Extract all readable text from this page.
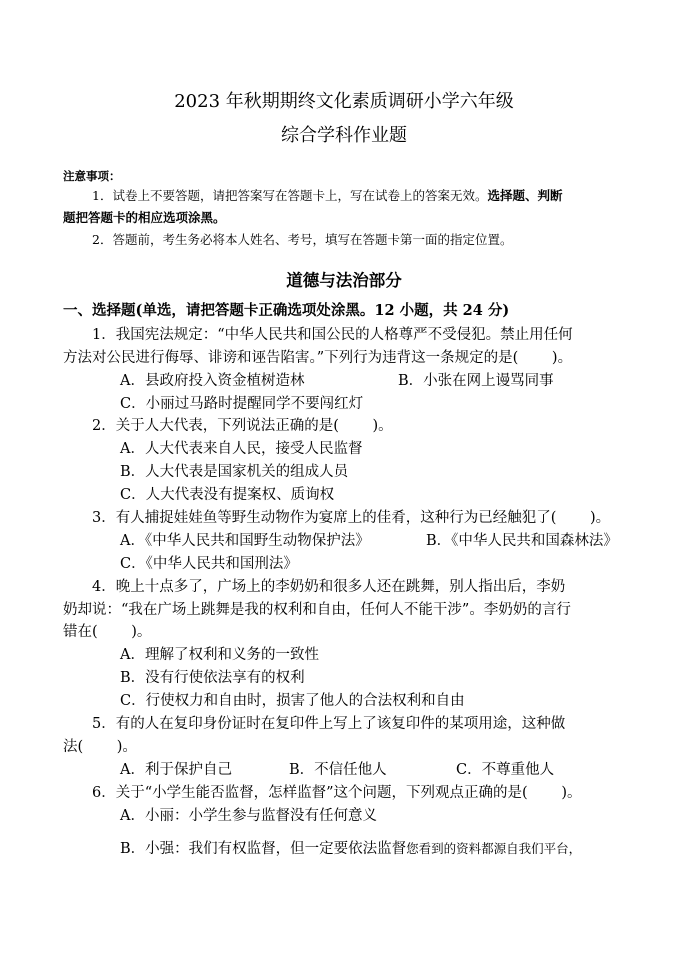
2023 年秋期期终文化素质调研小学六年级
综合学科作业题
注意事项：
1．试卷上不要答题，请把答案写在答题卡上，写在试卷上的答案无效。选择题、判断
题把答题卡的相应选项涂黑。
2．答题前，考生务必将本人姓名、考号，填写在答题卡第一面的指定位置。
道德与法治部分
一、选择题(单选，请把答题卡正确选项处涂黑。12 小题，共 24 分)
1．我国宪法规定：“中华人民共和国公民的人格尊严不受侵犯。禁止用任何
方法对公民进行侮辱、诽谤和诬告陷害。”下列行为违背这一条规定的是(　　 )。
A．县政府投入资金植树造林	B．小张在网上谩骂同事
C．小丽过马路时提醒同学不要闯红灯
2．关于人大代表，下列说法正确的是(　　 )。
A．人大代表来自人民，接受人民监督
B．人大代表是国家机关的组成人员
C．人大代表没有提案权、质询权
3．有人捕捉娃娃鱼等野生动物作为宴席上的佳肴，这种行为已经触犯了(　　 )。
A．《中华人民共和国野生动物保护法》	B．《中华人民共和国森林法》
C．《中华人民共和国刑法》
4．晚上十点多了，广场上的李奶奶和很多人还在跳舞，别人指出后，李奶
奶却说：“我在广场上跳舞是我的权利和自由，任何人不能干涉”。李奶奶的言行
错在(　　 )。
A．理解了权利和义务的一致性
B．没有行使依法享有的权利
C．行使权力和自由时，损害了他人的合法权利和自由
5．有的人在复印身份证时在复印件上写上了该复印件的某项用途，这种做
法(　　 )。
A．利于保护自己	B．不信任他人	C．不尊重他人
6．关于“小学生能否监督，怎样监督”这个问题，下列观点正确的是(　　 )。
A．小丽：小学生参与监督没有任何意义
B．小强：我们有权监督，但一定要依法监督您看到的资料都源自我们平台，
